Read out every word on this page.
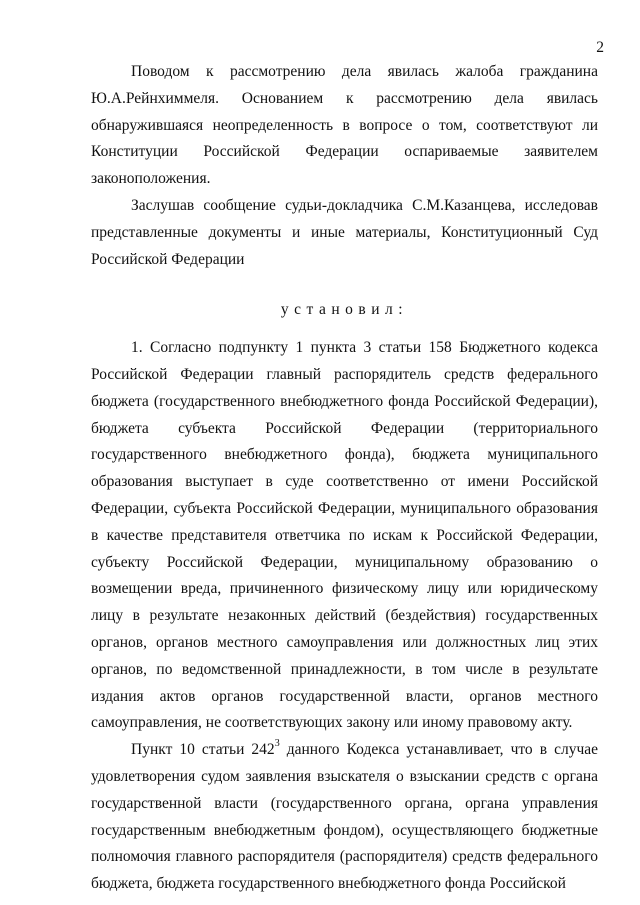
2

Поводом к рассмотрению дела явилась жалоба гражданина Ю.А.Рейнхиммеля. Основанием к рассмотрению дела явилась обнаружившаяся неопределенность в вопросе о том, соответствуют ли Конституции Российской Федерации оспариваемые заявителем законоположения.

Заслушав сообщение судьи-докладчика С.М.Казанцева, исследовав представленные документы и иные материалы, Конституционный Суд Российской Федерации

установил:

1. Согласно подпункту 1 пункта 3 статьи 158 Бюджетного кодекса Российской Федерации главный распорядитель средств федерального бюджета (государственного внебюджетного фонда Российской Федерации), бюджета субъекта Российской Федерации (территориального государственного внебюджетного фонда), бюджета муниципального образования выступает в суде соответственно от имени Российской Федерации, субъекта Российской Федерации, муниципального образования в качестве представителя ответчика по искам к Российской Федерации, субъекту Российской Федерации, муниципальному образованию о возмещении вреда, причиненного физическому лицу или юридическому лицу в результате незаконных действий (бездействия) государственных органов, органов местного самоуправления или должностных лиц этих органов, по ведомственной принадлежности, в том числе в результате издания актов органов государственной власти, органов местного самоуправления, не соответствующих закону или иному правовому акту.

Пункт 10 статьи $242^3$ данного Кодекса устанавливает, что в случае удовлетворения судом заявления взыскателя о взыскании средств с органа государственной власти (государственного органа, органа управления государственным внебюджетным фондом), осуществляющего бюджетные полномочия главного распорядителя (распорядителя) средств федерального бюджета, бюджета государственного внебюджетного фонда Российской
